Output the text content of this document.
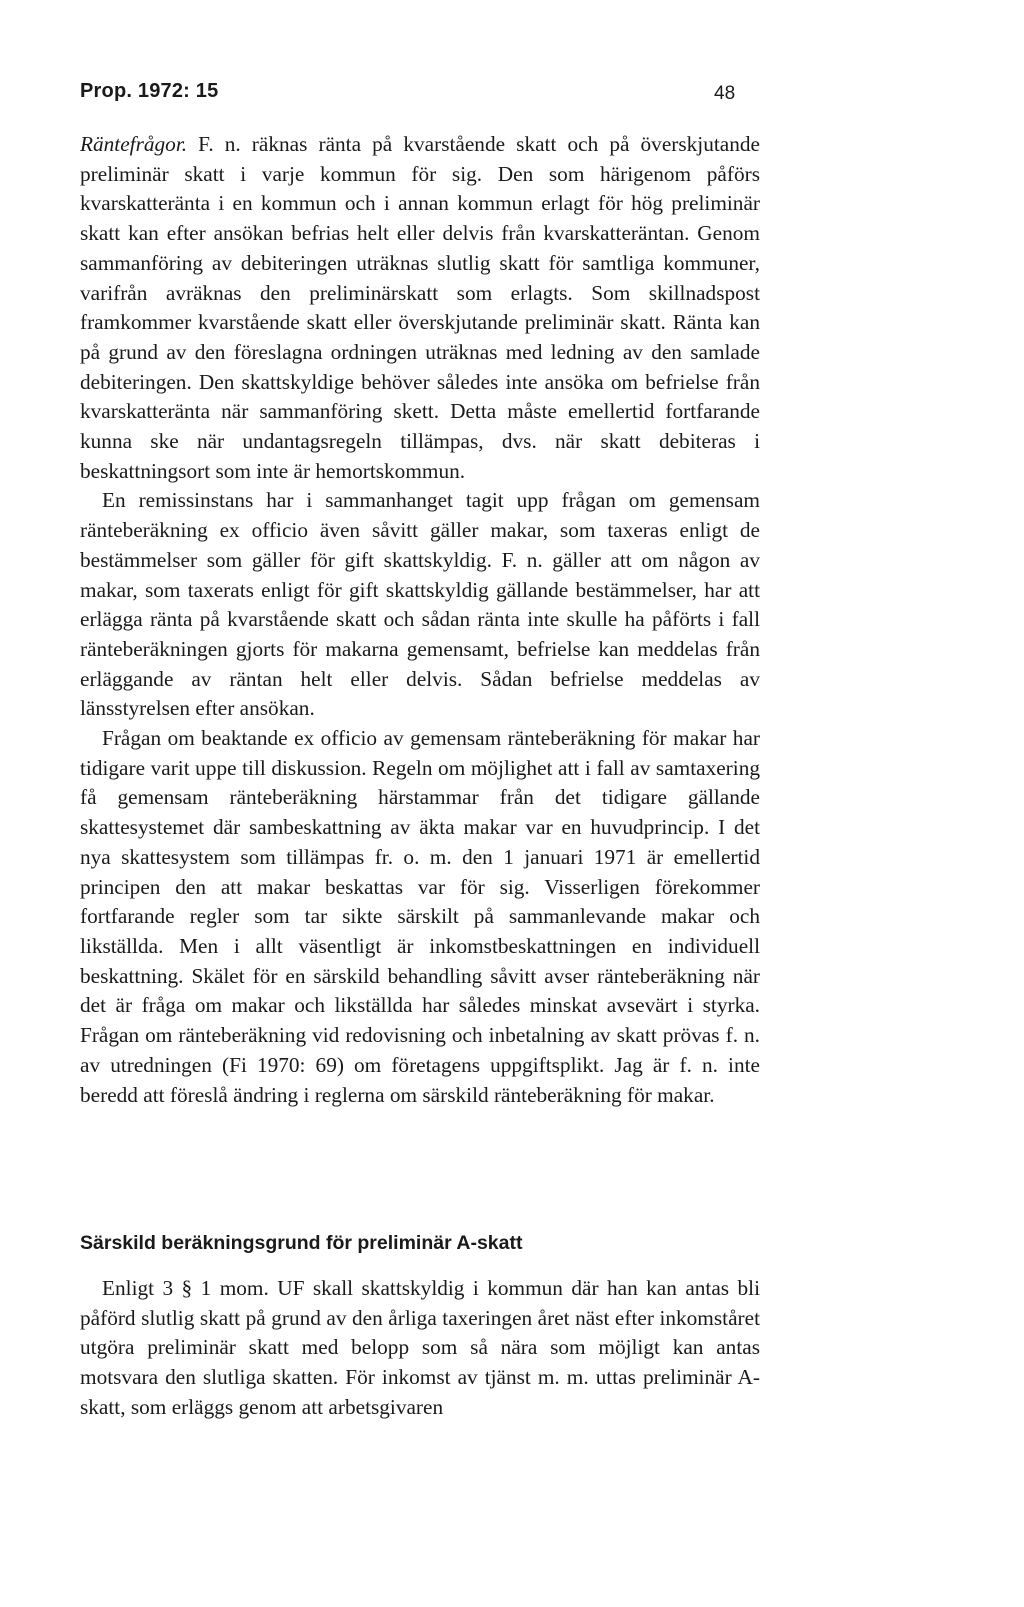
Prop. 1972: 15	48

Räntefrågor. F. n. räknas ränta på kvarstående skatt och på överskjutande preliminär skatt i varje kommun för sig. Den som härigenom påförs kvarskatteränta i en kommun och i annan kommun erlagt för hög preliminär skatt kan efter ansökan befrias helt eller delvis från kvarskatteräntan. Genom sammanföring av debiteringen uträknas slutlig skatt för samtliga kommuner, varifrån avräknas den preliminärskatt som erlagts. Som skillnadspost framkommer kvarstående skatt eller överskjutande preliminär skatt. Ränta kan på grund av den föreslagna ordningen uträknas med ledning av den samlade debiteringen. Den skattskyldige behöver således inte ansöka om befrielse från kvarskatteränta när sammanföring skett. Detta måste emellertid fortfarande kunna ske när undantagsregeln tillämpas, dvs. när skatt debiteras i beskattningsort som inte är hemortskommun.

En remissinstans har i sammanhanget tagit upp frågan om gemensam ränteberäkning ex officio även såvitt gäller makar, som taxeras enligt de bestämmelser som gäller för gift skattskyldig. F. n. gäller att om någon av makar, som taxerats enligt för gift skattskyldig gällande bestämmelser, har att erlägga ränta på kvarstående skatt och sådan ränta inte skulle ha påförts i fall ränteberäkningen gjorts för makarna gemensamt, befrielse kan meddelas från erläggande av räntan helt eller delvis. Sådan befrielse meddelas av länsstyrelsen efter ansökan.

Frågan om beaktande ex officio av gemensam ränteberäkning för makar har tidigare varit uppe till diskussion. Regeln om möjlighet att i fall av samtaxering få gemensam ränteberäkning härstammar från det tidigare gällande skattesystemet där sambeskattning av äkta makar var en huvudprincip. I det nya skattesystem som tillämpas fr. o. m. den 1 januari 1971 är emellertid principen den att makar beskattas var för sig. Visserligen förekommer fortfarande regler som tar sikte särskilt på sammanlevande makar och likställda. Men i allt väsentligt är inkomstbeskattningen en individuell beskattning. Skälet för en särskild behandling såvitt avser ränteberäkning när det är fråga om makar och likställda har således minskat avsevärt i styrka. Frågan om ränteberäkning vid redovisning och inbetalning av skatt prövas f. n. av utredningen (Fi 1970: 69) om företagens uppgiftsplikt. Jag är f. n. inte beredd att föreslå ändring i reglerna om särskild ränteberäkning för makar.

Särskild beräkningsgrund för preliminär A-skatt

Enligt 3 § 1 mom. UF skall skattskyldig i kommun där han kan antas bli påförd slutlig skatt på grund av den årliga taxeringen året näst efter inkomståret utgöra preliminär skatt med belopp som så nära som möjligt kan antas motsvara den slutliga skatten. För inkomst av tjänst m. m. uttas preliminär A-skatt, som erläggs genom att arbetsgivaren
